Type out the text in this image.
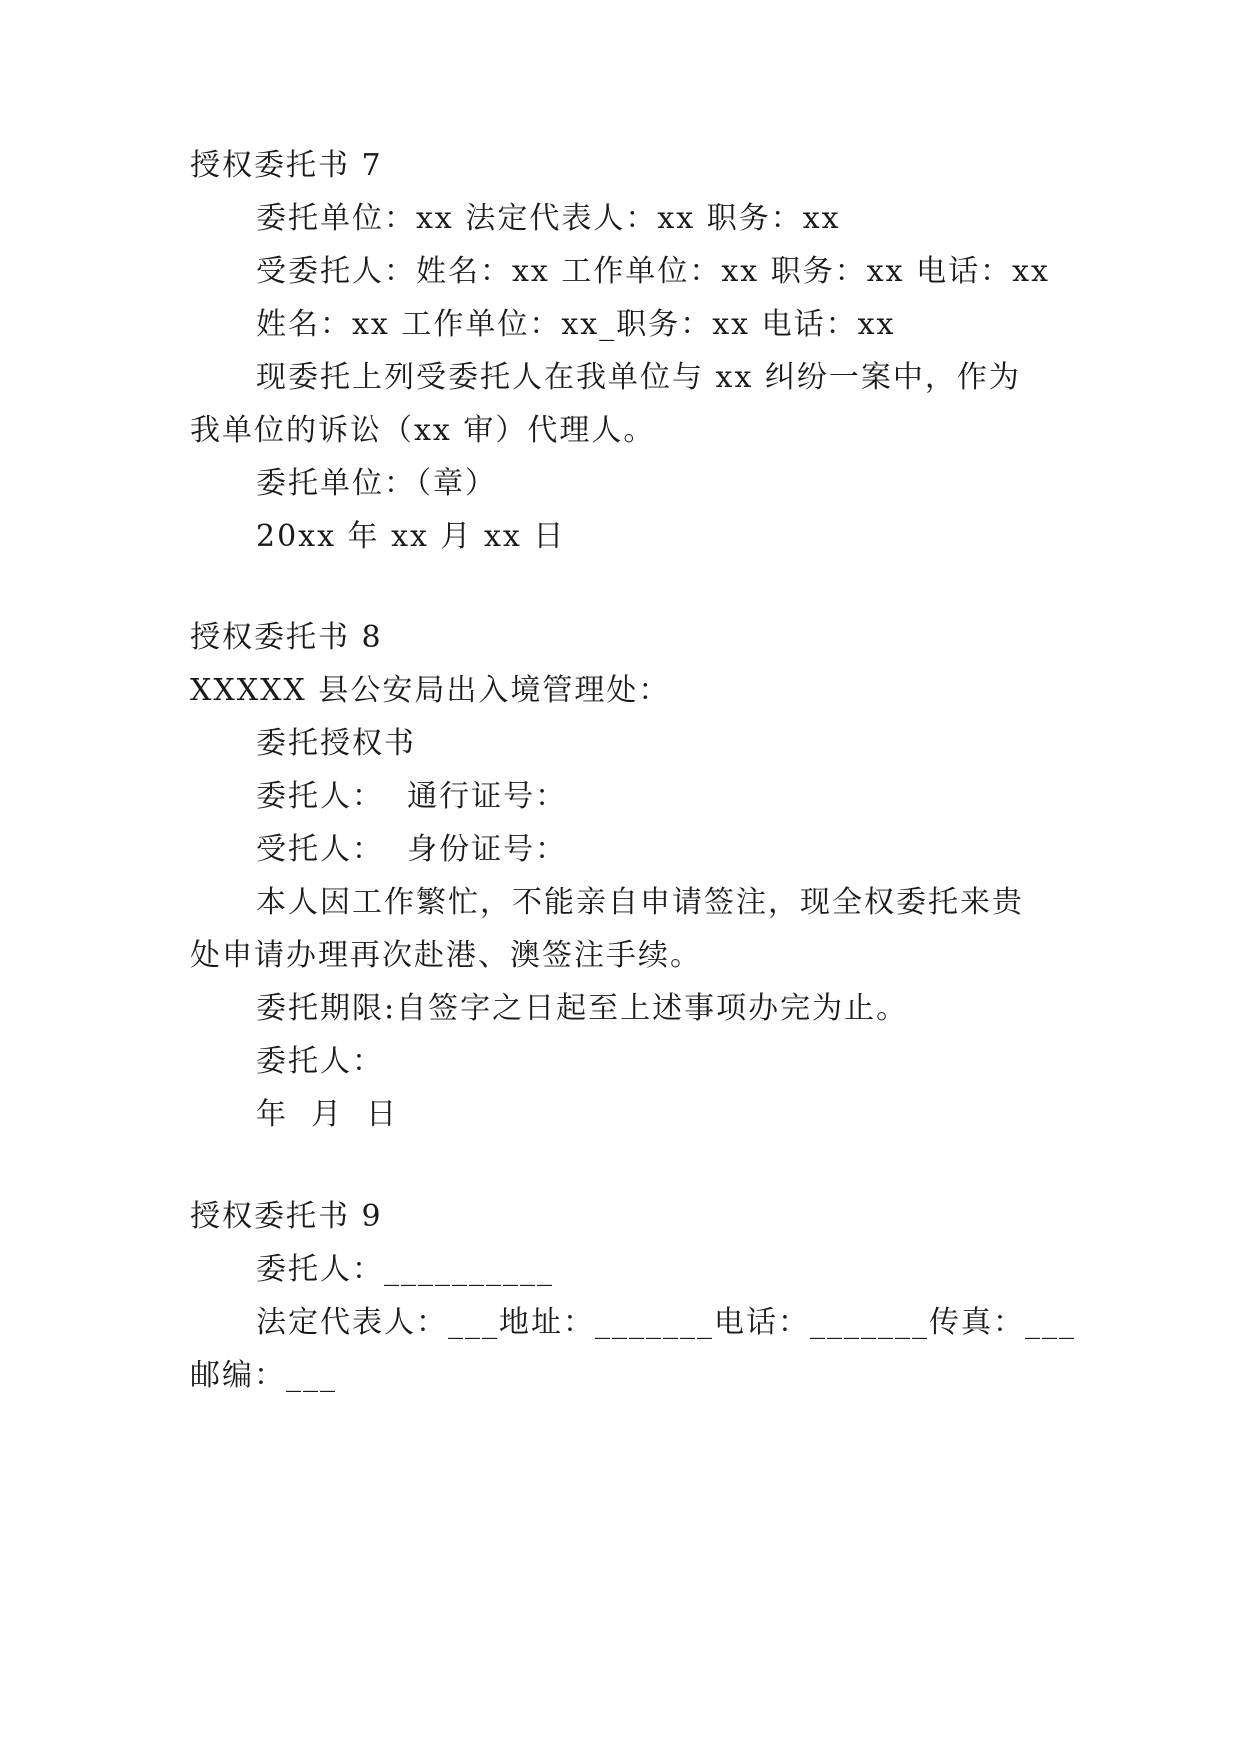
授权委托书 7
委托单位：xx 法定代表人：xx 职务：xx
受委托人：姓名：xx 工作单位：xx 职务：xx 电话：xx
姓名：xx 工作单位：xx_职务：xx 电话：xx
现委托上列受委托人在我单位与 xx 纠纷一案中，作为
我单位的诉讼（xx 审）代理人。
委托单位：（章）
20xx 年 xx 月 xx 日
授权委托书 8
XXXXX 县公安局出入境管理处：
委托授权书
委托人：  通行证号：
受托人：  身份证号：
本人因工作繁忙，不能亲自申请签注，现全权委托来贵
处申请办理再次赴港、澳签注手续。
委托期限:自签字之日起至上述事项办完为止。
委托人：
年  月  日
授权委托书 9
委托人：__________
法定代表人：___地址：_______电话：_______传真：___
邮编：___
